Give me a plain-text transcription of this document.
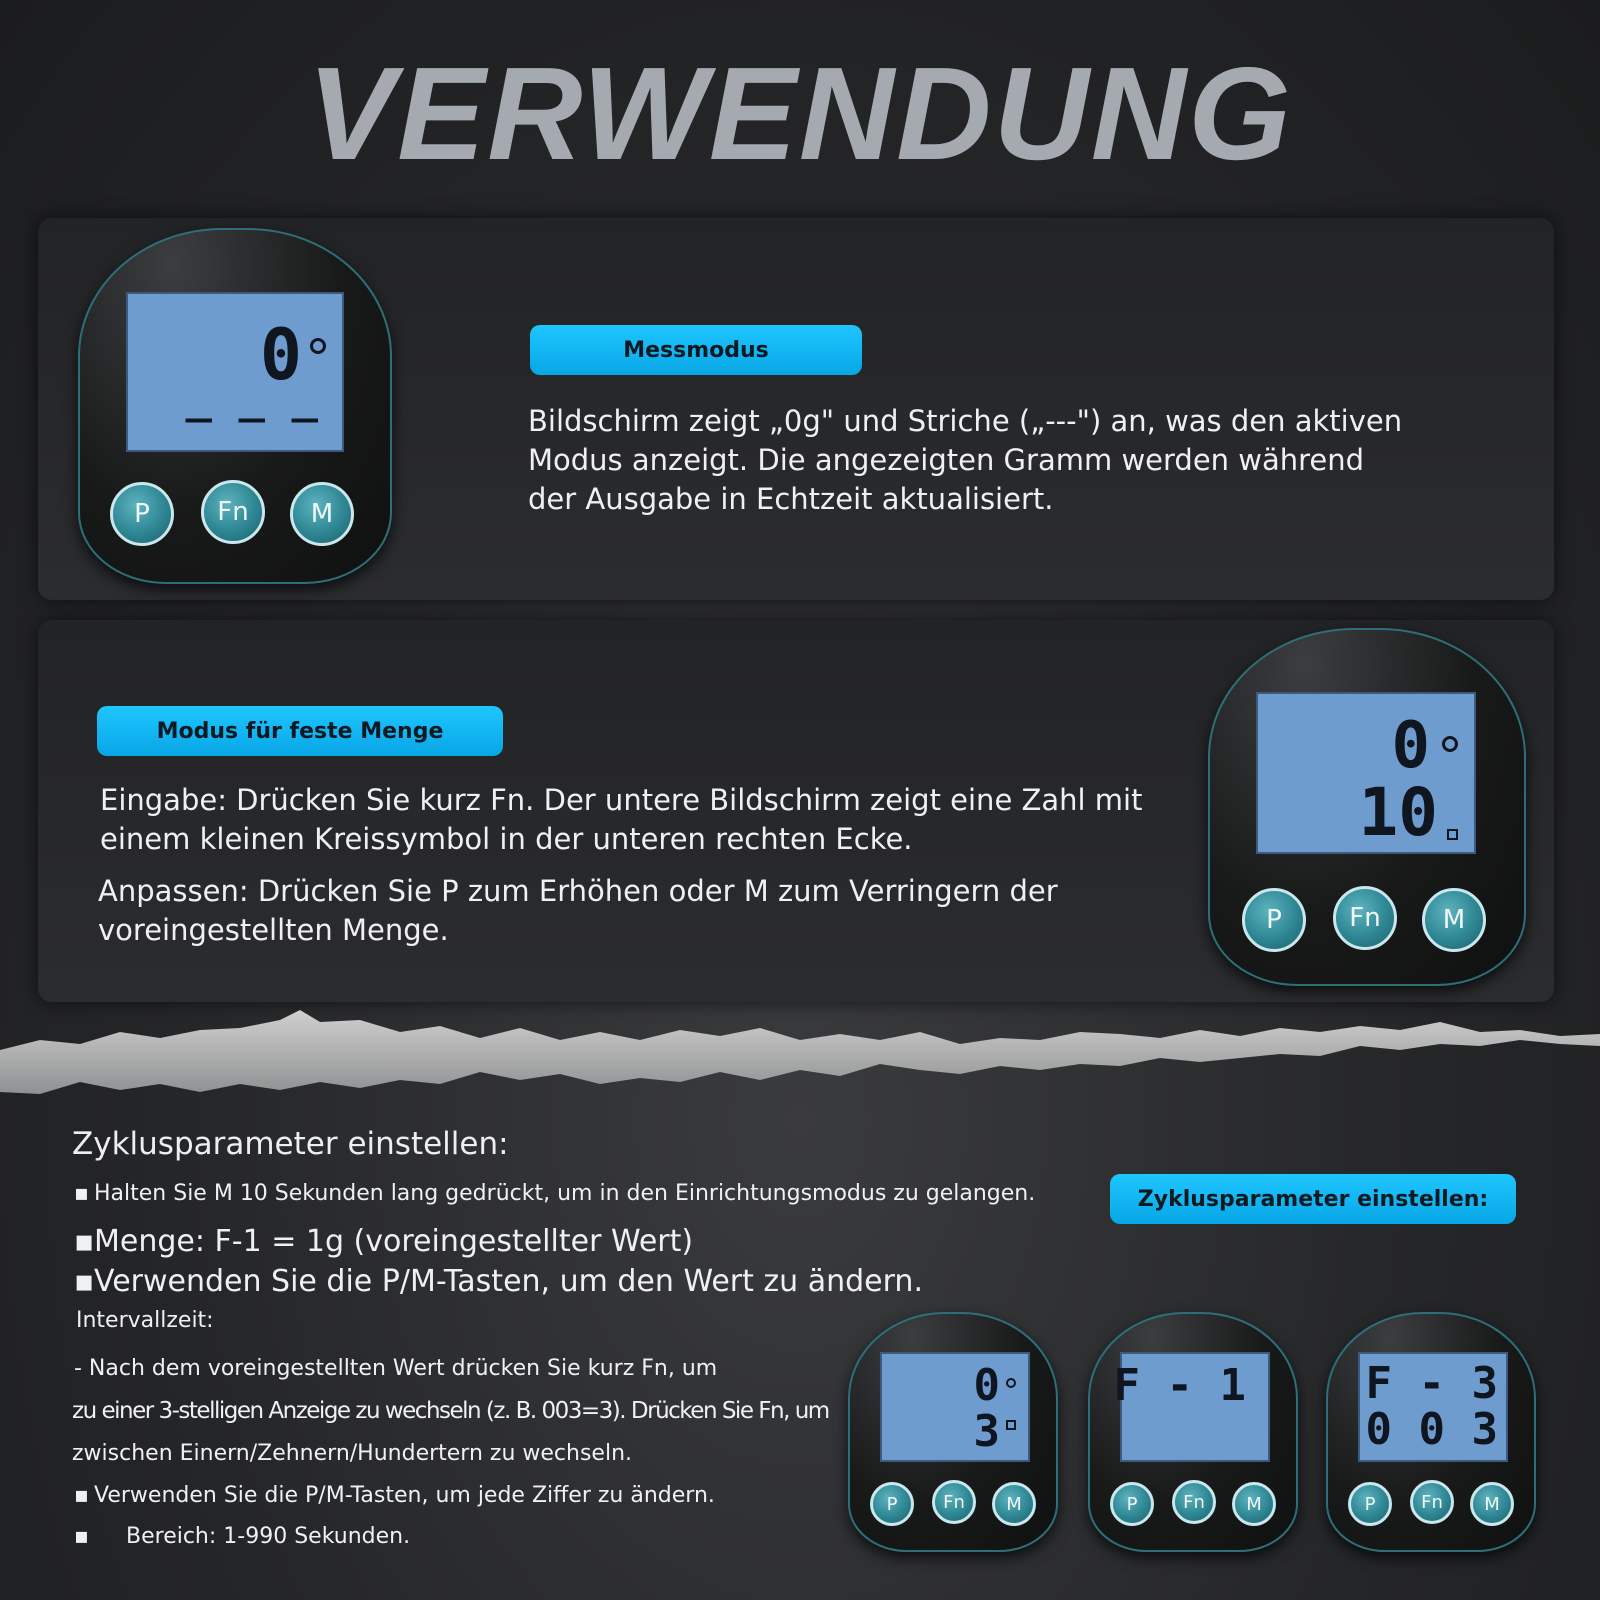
VERWENDUNG
0
_ _ _
P	Fn M
Messmodus
Bildschirm zeigt „0g" und Striche („---") an, was den aktiven Modus anzeigt. Die angezeigten Gramm werden während der Ausgabe in Echtzeit aktualisiert.
Modus für feste Menge
Eingabe: Drücken Sie kurz Fn. Der untere Bildschirm zeigt eine Zahl mit einem kleinen Kreissymbol in der unteren rechten Ecke.
Anpassen: Drücken Sie P zum Erhöhen oder M zum Verringern der voreingestellten Menge.
0
10
P	Fn M
Zyklusparameter einstellen:
Zyklusparameter einstellen:
▪ Halten Sie M 10 Sekunden lang gedrückt, um in den Einrichtungsmodus zu gelangen.
▪Menge: F-1 = 1g (voreingestellter Wert)
▪Verwenden Sie die P/M-Tasten, um den Wert zu ändern.
Intervallzeit:
- Nach dem voreingestellten Wert drücken Sie kurz Fn, um
zu einer 3-stelligen Anzeige zu wechseln (z. B. 003=3). Drücken Sie Fn, um
zwischen Einern/Zehnern/Hundertern zu wechseln.
▪ Verwenden Sie die P/M-Tasten, um jede Ziffer zu ändern.
▪ Bereich: 1-990 Sekunden.
0
3
P	Fn M
F - 1
P	Fn M
F - 3
0 0 3
P	Fn M
